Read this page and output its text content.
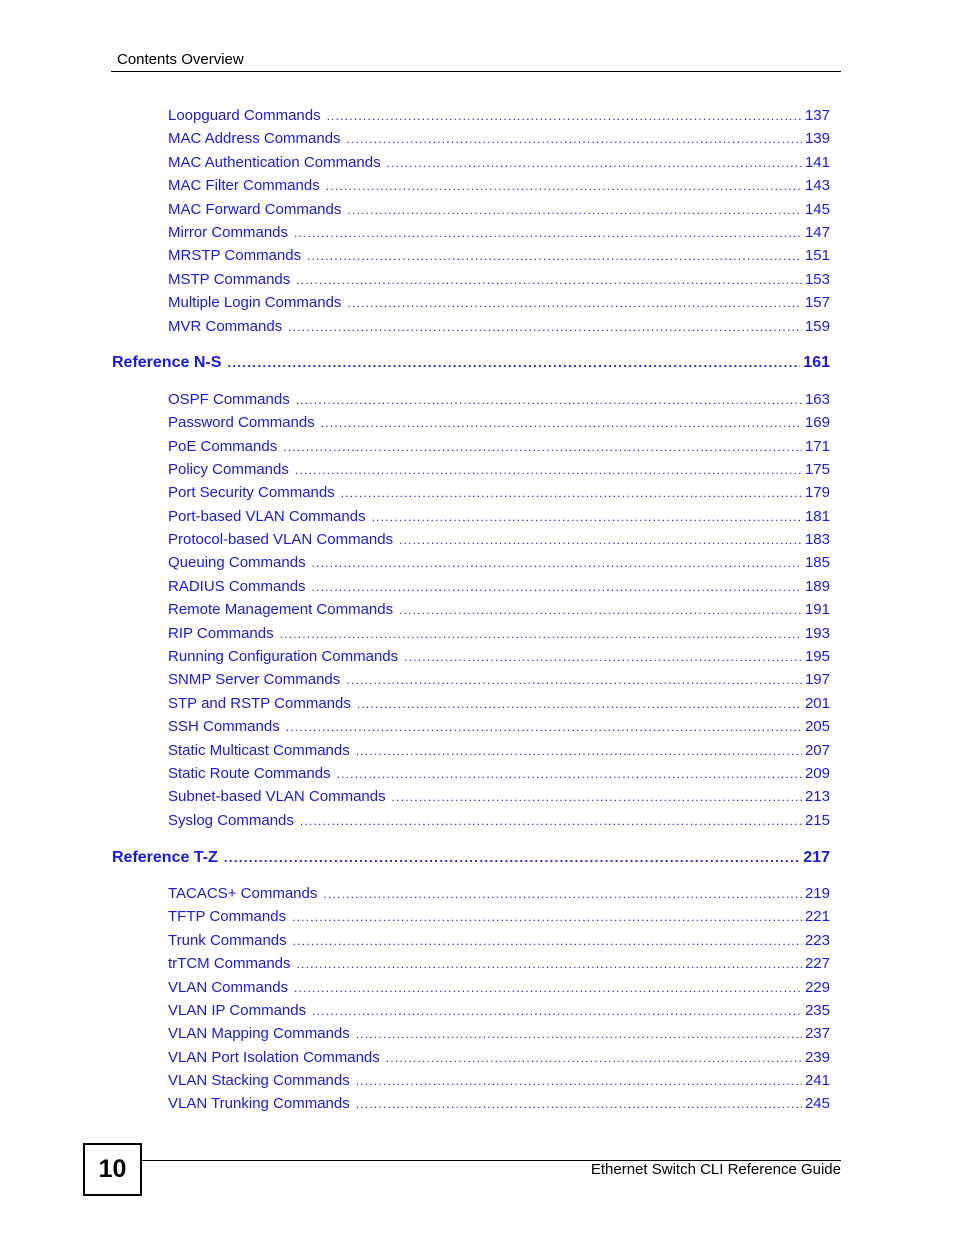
Contents Overview
Loopguard Commands .....	137
MAC Address Commands .....	139
MAC Authentication Commands .....	141
MAC Filter Commands .....	143
MAC Forward Commands .....	145
Mirror Commands .....	147
MRSTP Commands .....	151
MSTP Commands .....	153
Multiple Login Commands .....	157
MVR Commands .....	159
Reference N-S .....	161
OSPF Commands .....	163
Password Commands .....	169
PoE Commands .....	171
Policy Commands .....	175
Port Security Commands .....	179
Port-based VLAN Commands .....	181
Protocol-based VLAN Commands .....	183
Queuing Commands .....	185
RADIUS Commands .....	189
Remote Management Commands .....	191
RIP Commands .....	193
Running Configuration Commands .....	195
SNMP Server Commands .....	197
STP and RSTP Commands .....	201
SSH Commands .....	205
Static Multicast Commands .....	207
Static Route Commands .....	209
Subnet-based VLAN Commands .....	213
Syslog Commands .....	215
Reference T-Z .....	217
TACACS+ Commands .....	219
TFTP Commands .....	221
Trunk Commands .....	223
trTCM Commands .....	227
VLAN Commands .....	229
VLAN IP Commands .....	235
VLAN Mapping Commands .....	237
VLAN Port Isolation Commands .....	239
VLAN Stacking Commands .....	241
VLAN Trunking Commands .....	245
10	Ethernet Switch CLI Reference Guide
